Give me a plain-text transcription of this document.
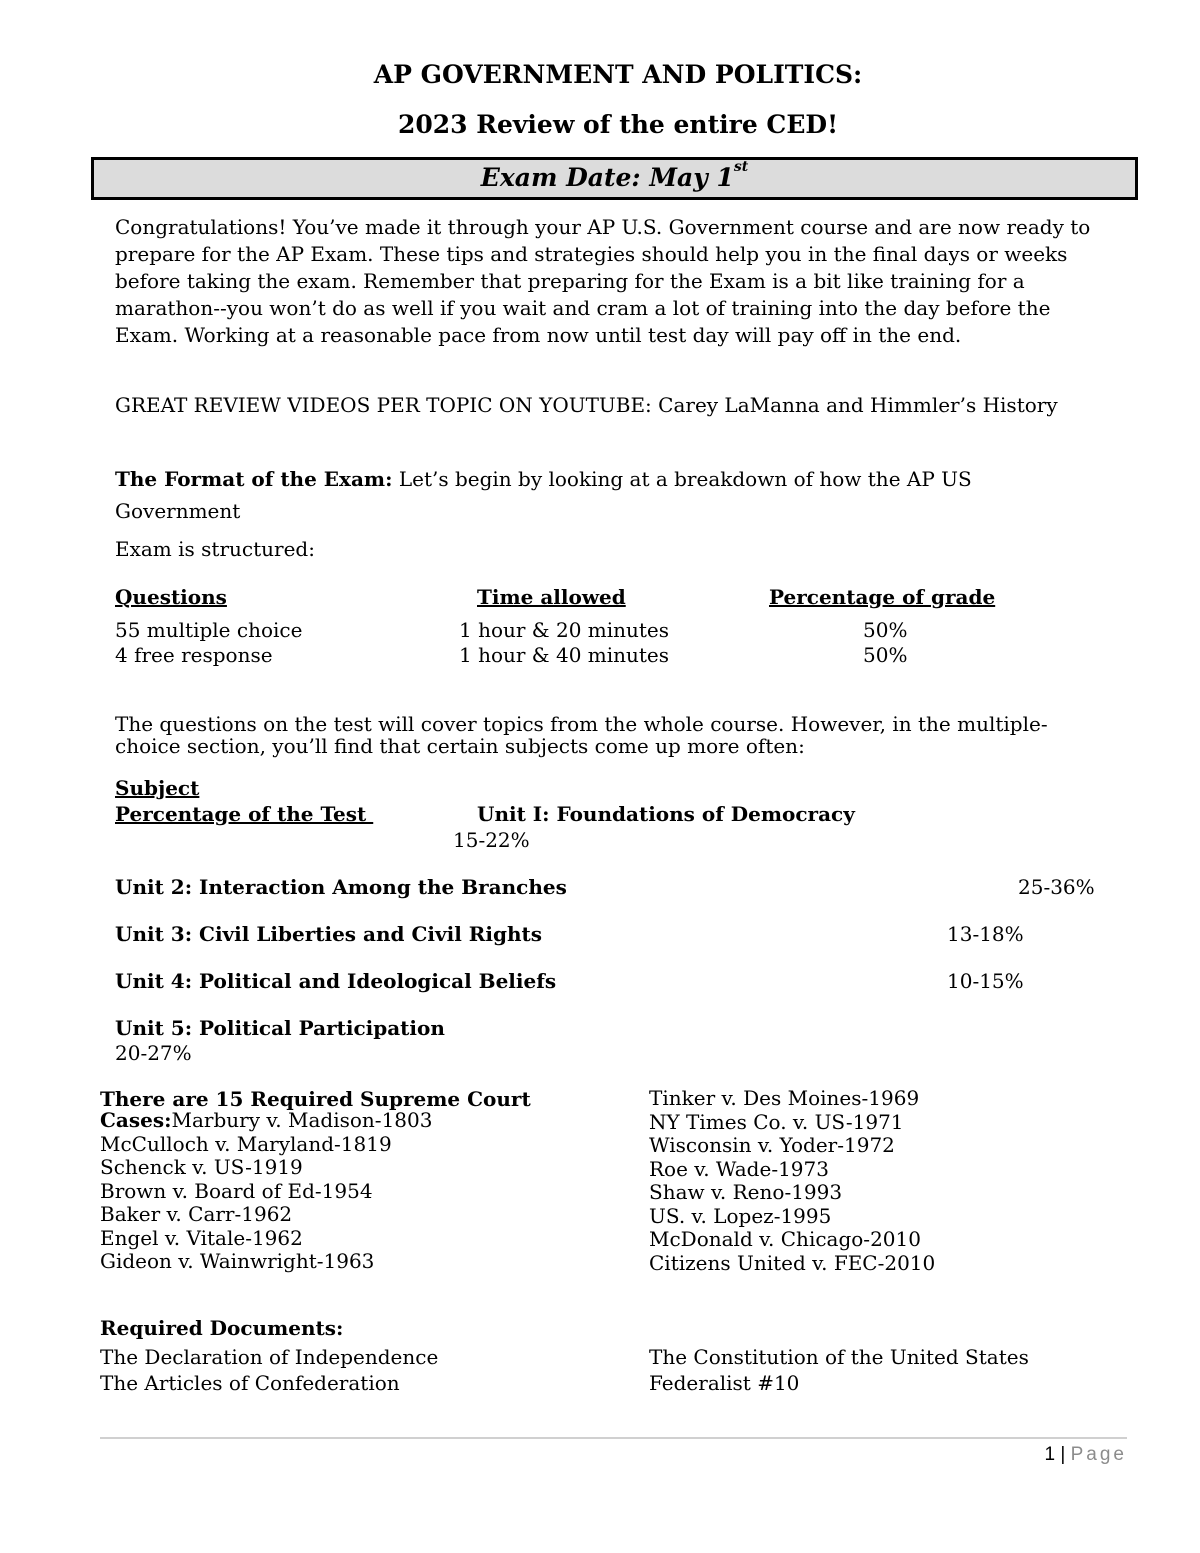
AP GOVERNMENT AND POLITICS:
2023 Review of the entire CED!
Exam Date: May 1st
Congratulations! You’ve made it through your AP U.S. Government course and are now ready to prepare for the AP Exam. These tips and strategies should help you in the final days or weeks before taking the exam. Remember that preparing for the Exam is a bit like training for a marathon--you won’t do as well if you wait and cram a lot of training into the day before the Exam. Working at a reasonable pace from now until test day will pay off in the end.
GREAT REVIEW VIDEOS PER TOPIC ON YOUTUBE: Carey LaManna and Himmler’s History
The Format of the Exam: Let’s begin by looking at a breakdown of how the AP US
Government
Exam is structured:
Questions	Time allowed	Percentage of grade
55 multiple choice	1 hour & 20 minutes	50%
4 free response	1 hour & 40 minutes	50%
The questions on the test will cover topics from the whole course. However, in the multiple-choice section, you’ll find that certain subjects come up more often:
Subject
Percentage of the Test	Unit I: Foundations of Democracy
15-22%
Unit 2: Interaction Among the Branches	25-36%
Unit 3: Civil Liberties and Civil Rights	13-18%
Unit 4: Political and Ideological Beliefs	10-15%
Unit 5: Political Participation
20-27%
There are 15 Required Supreme Court
Cases:Marbury v. Madison-1803
McCulloch v. Maryland-1819
Schenck v. US-1919
Brown v. Board of Ed-1954
Baker v. Carr-1962
Engel v. Vitale-1962
Gideon v. Wainwright-1963
Tinker v. Des Moines-1969
NY Times Co. v. US-1971
Wisconsin v. Yoder-1972
Roe v. Wade-1973
Shaw v. Reno-1993
US. v. Lopez-1995
McDonald v. Chicago-2010
Citizens United v. FEC-2010
Required Documents:
The Declaration of Independence
The Articles of Confederation
The Constitution of the United States
Federalist #10
1 | Page
